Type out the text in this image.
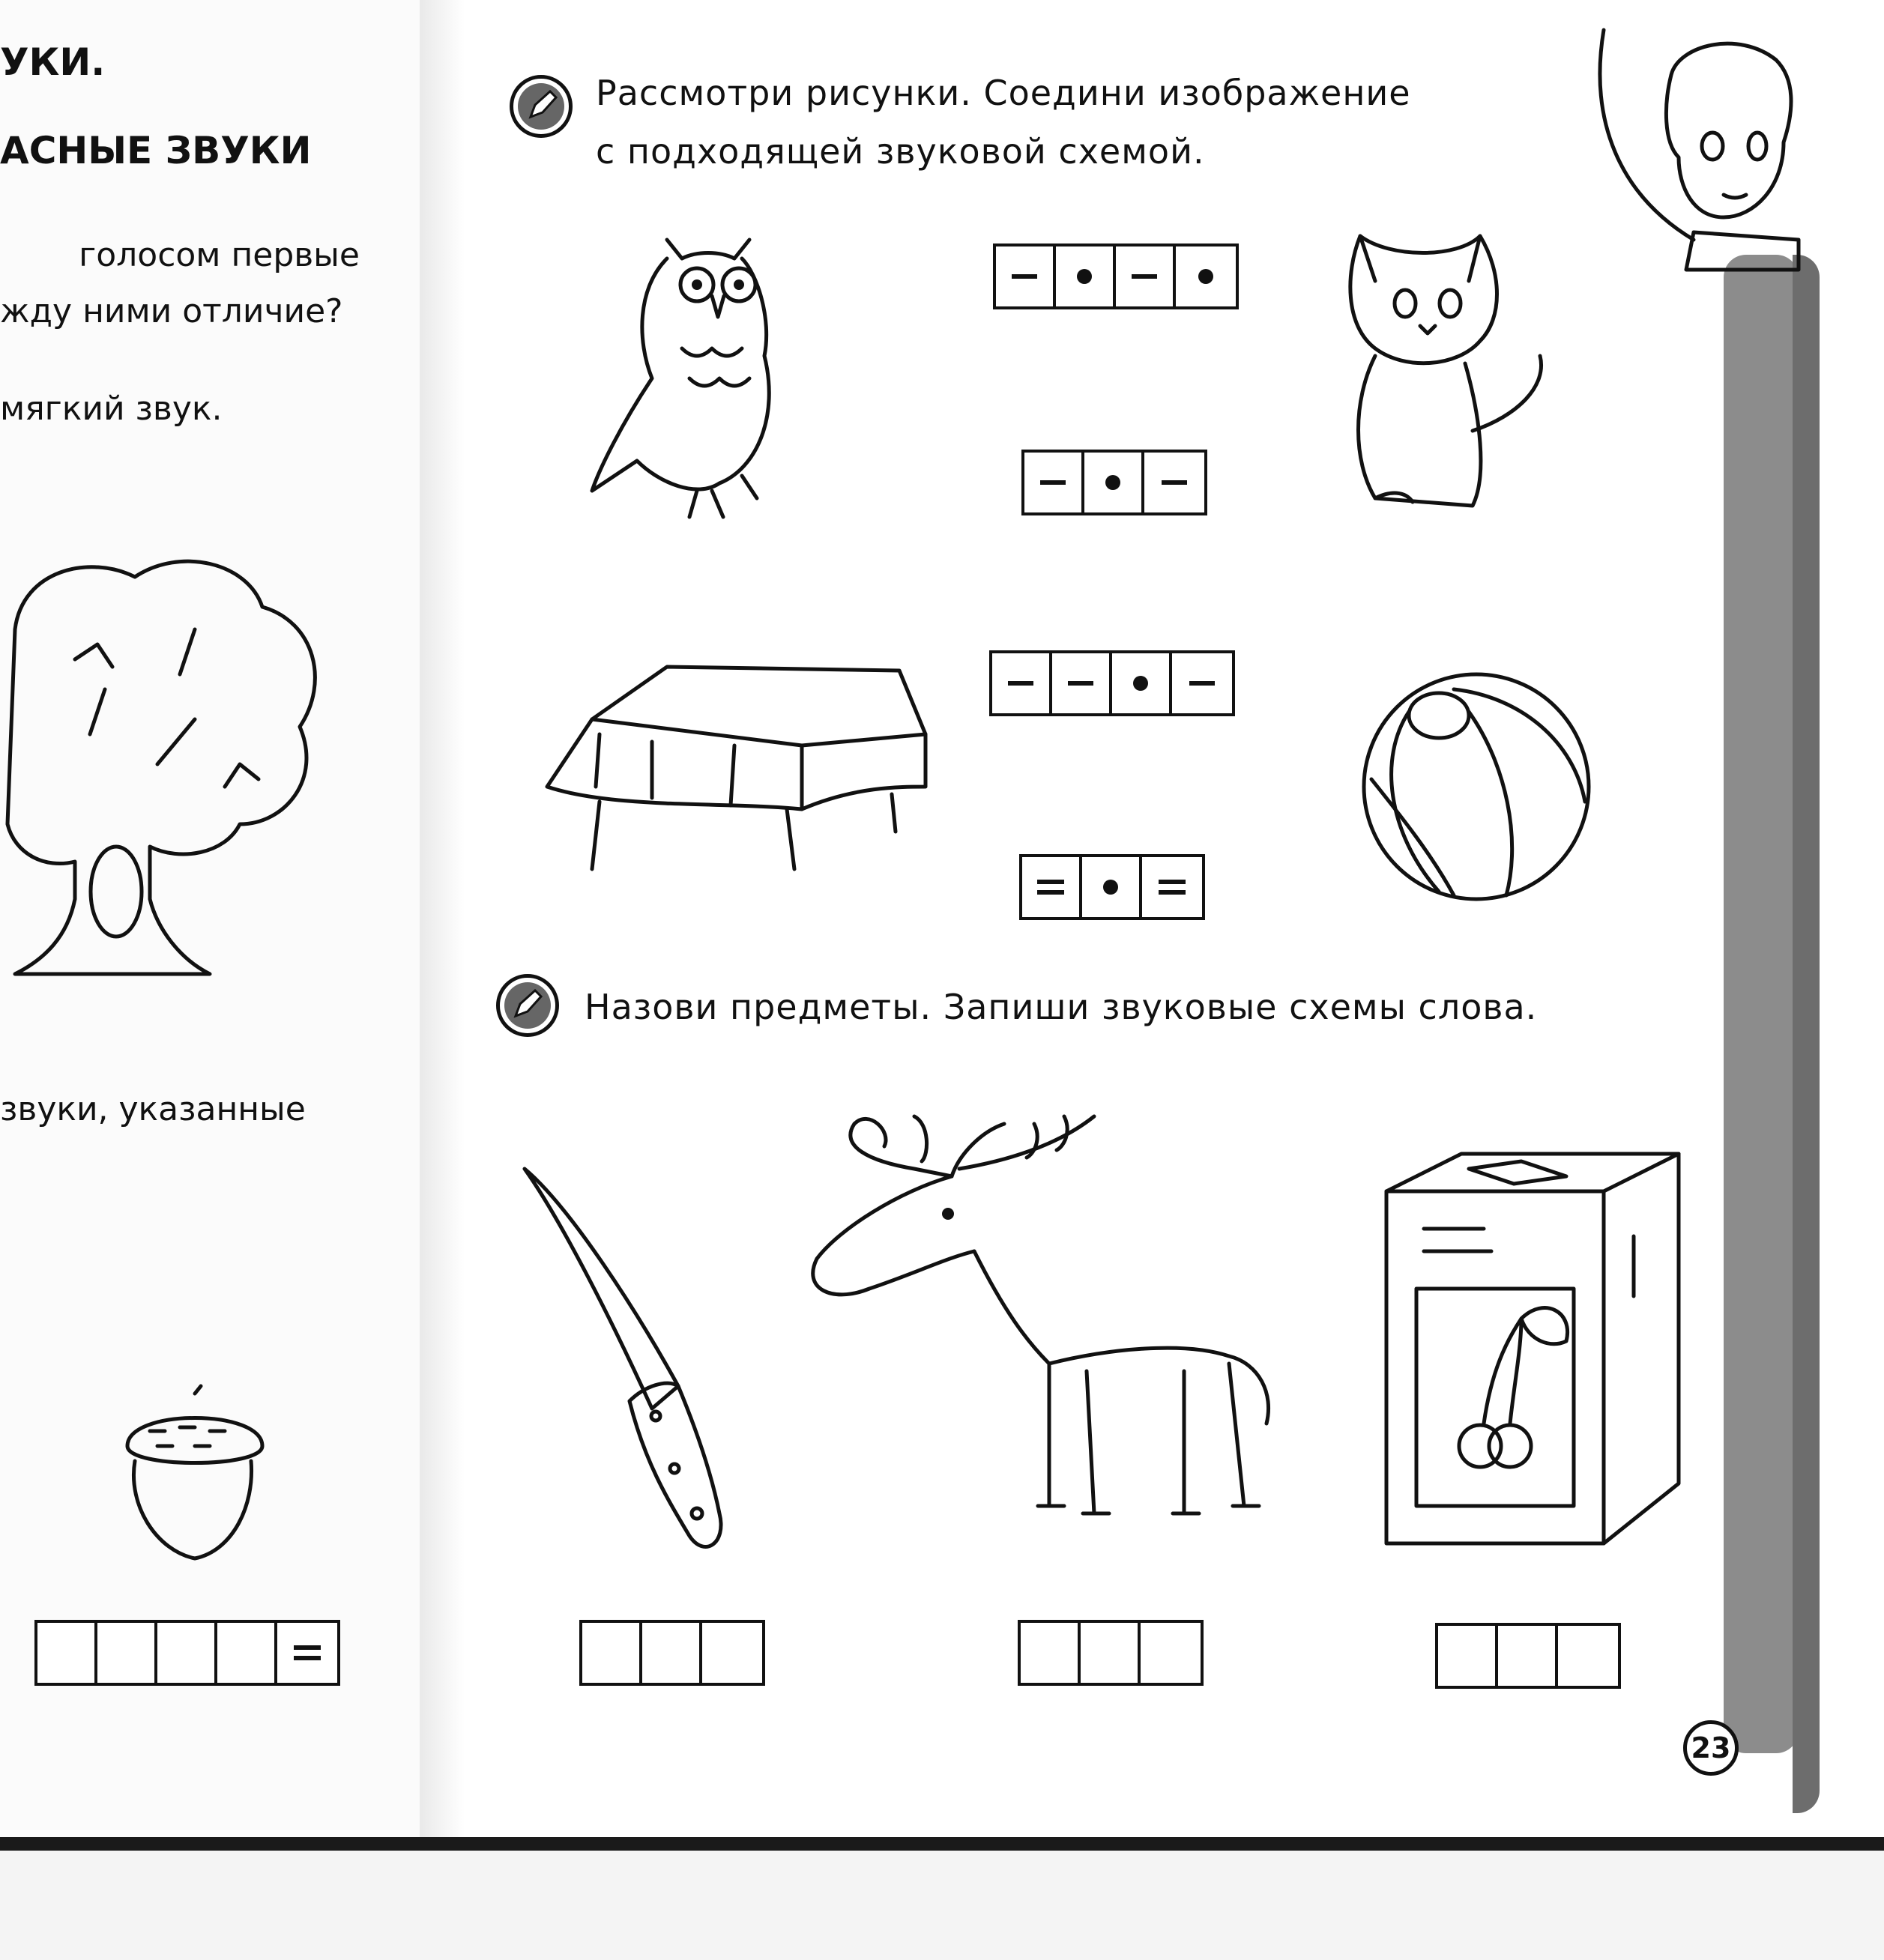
УКИ.
АСНЫЕ ЗВУКИ
голосом первые
жду ними отличие?
мягкий звук.
звуки, указанные
Рассмотри рисунки. Соедини изображение
с подходящей звуковой схемой.
Назови предметы. Запиши звуковые схемы слова.
23
